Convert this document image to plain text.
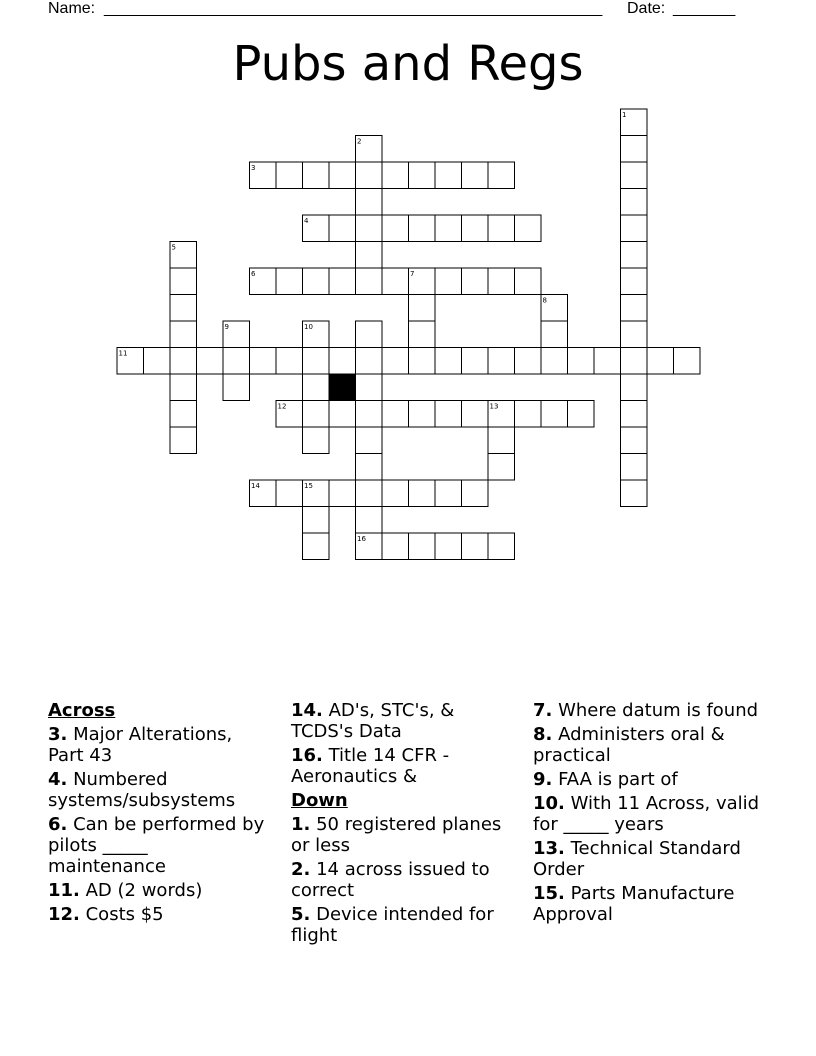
Name: ________________________________________________________ Date: _______
Pubs and Regs
1
2
3
4
5
6	7
8
9	10
11
12	13
14	15
16
Across
3. Major Alterations, Part 43
4. Numbered systems/subsystems
6. Can be performed by pilots _____ maintenance
11. AD (2 words)
12. Costs $5
14. AD's, STC's, & TCDS's Data
16. Title 14 CFR - Aeronautics &
Down
1. 50 registered planes or less
2. 14 across issued to correct
5. Device intended for flight
7. Where datum is found
8. Administers oral & practical
9. FAA is part of
10. With 11 Across, valid for _____ years
13. Technical Standard Order
15. Parts Manufacture Approval
